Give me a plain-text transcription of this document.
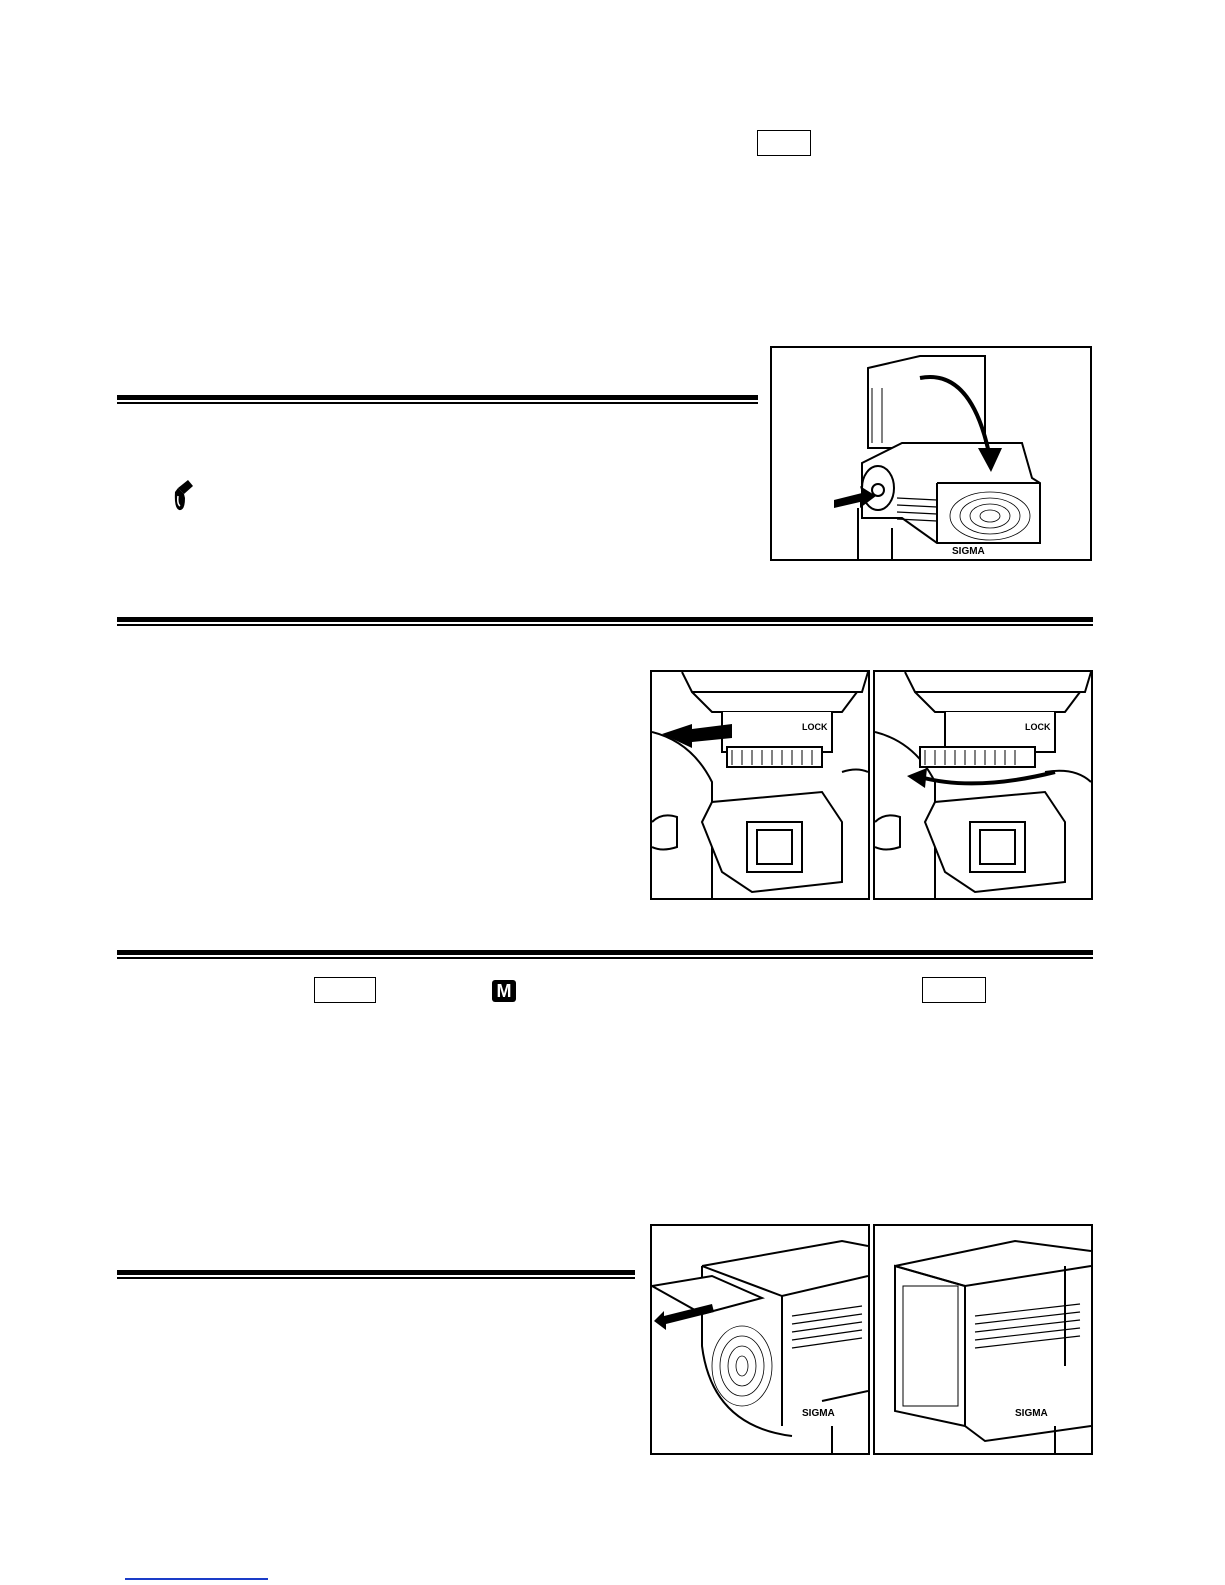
SIGMA
LOCK	LOCK
M
SIGMA	SIGMA
